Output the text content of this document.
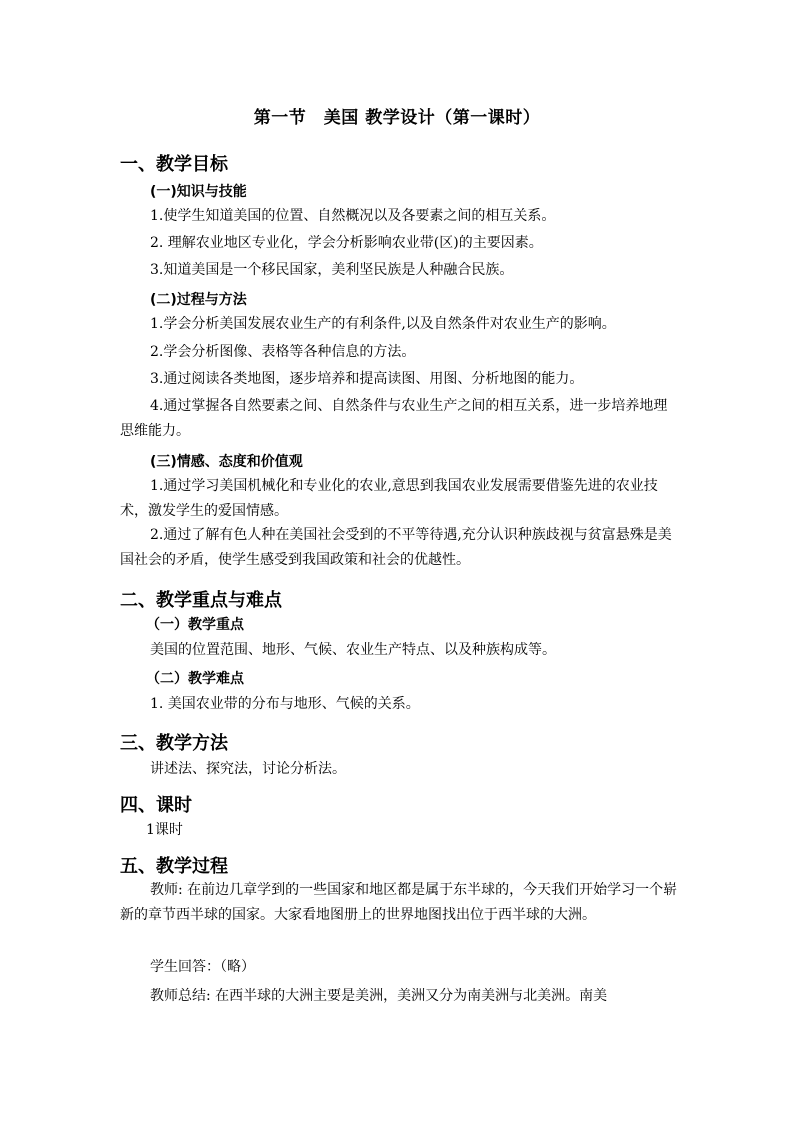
第一节　美国 教学设计（第一课时）
一、教学目标
(一)知识与技能
1.使学生知道美国的位置、自然概况以及各要素之间的相互关系。
2. 理解农业地区专业化，学会分析影响农业带(区)的主要因素。
3.知道美国是一个移民国家，美利坚民族是人种融合民族。
(二)过程与方法
1.学会分析美国发展农业生产的有利条件,以及自然条件对农业生产的影响。
2.学会分析图像、表格等各种信息的方法。
3.通过阅读各类地图，逐步培养和提高读图、用图、分析地图的能力。
4.通过掌握各自然要素之间、自然条件与农业生产之间的相互关系，进一步培养地理思维能力。
(三)情感、态度和价值观
1.通过学习美国机械化和专业化的农业,意思到我国农业发展需要借鉴先进的农业技术，激发学生的爱国情感。
2.通过了解有色人种在美国社会受到的不平等待遇,充分认识种族歧视与贫富悬殊是美国社会的矛盾，使学生感受到我国政策和社会的优越性。
二、教学重点与难点
（一）教学重点
美国的位置范围、地形、气候、农业生产特点、以及种族构成等。
（二）教学难点
1. 美国农业带的分布与地形、气候的关系。
三、教学方法
讲述法、探究法，讨论分析法。
四、课时
1课时
五、教学过程
教师: 在前边几章学到的一些国家和地区都是属于东半球的，今天我们开始学习一个崭新的章节西半球的国家。大家看地图册上的世界地图找出位于西半球的大洲。
学生回答：（略）
教师总结: 在西半球的大洲主要是美洲，美洲又分为南美洲与北美洲。南美
